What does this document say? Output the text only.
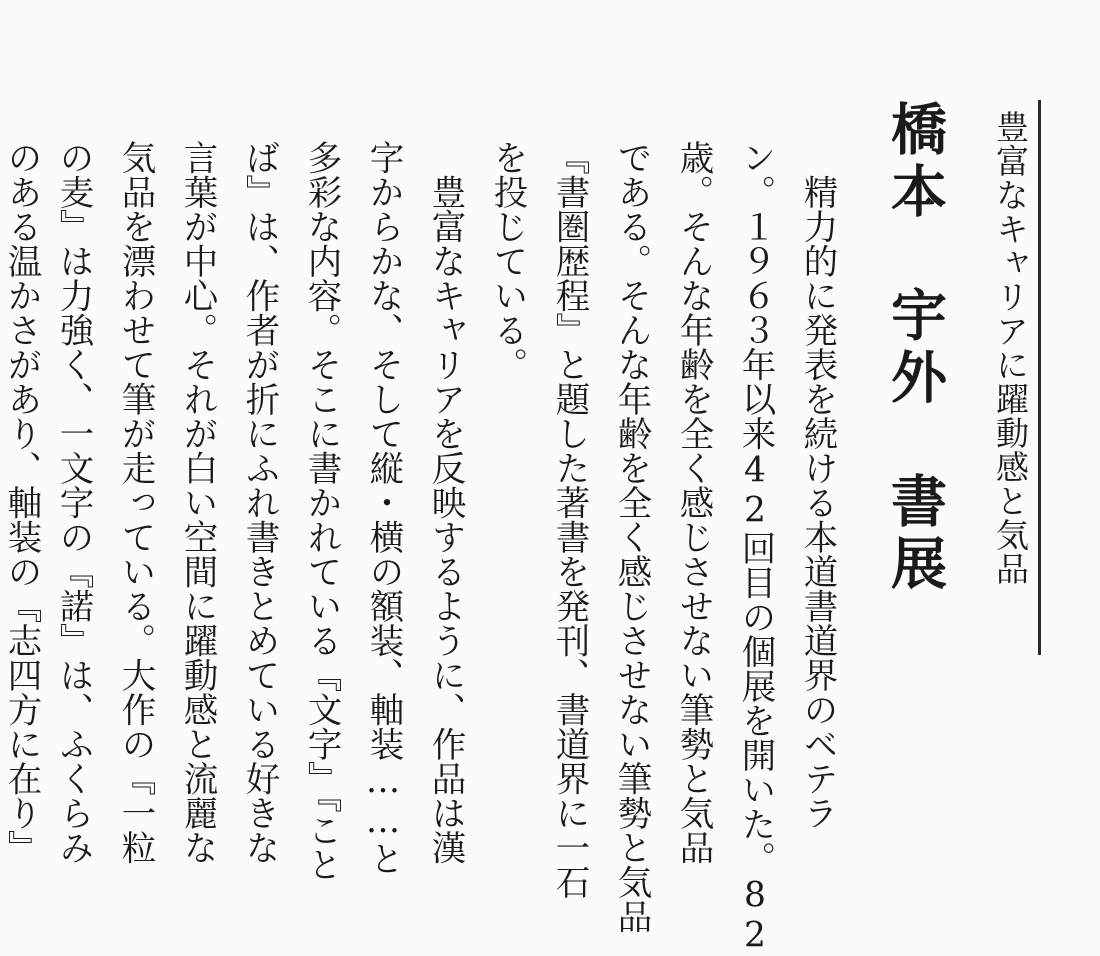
豊富なキャリアに躍動感と気品
橋本　宇外　書展
　精力的に発表を続ける本道書道界のベテラ
ン。１９６３年以来42回目の個展を開いた。82
歳。そんな年齢を全く感じさせない筆勢と気品
である。そんな年齢を全く感じさせない筆勢と気品
『書圏歴程』と題した著書を発刊、書道界に一石
を投じている。
　豊富なキャリアを反映するように、作品は漢
字からかな、そして縦・横の額装、軸装……と
多彩な内容。そこに書かれている『文字』『こと
ば』は、作者が折にふれ書きとめている好きな
言葉が中心。それが白い空間に躍動感と流麗な
気品を漂わせて筆が走っている。大作の『一粒
の麦』は力強く、一文字の『諾』は、ふくらみ
のある温かさがあり、軸装の『志四方に在り』
